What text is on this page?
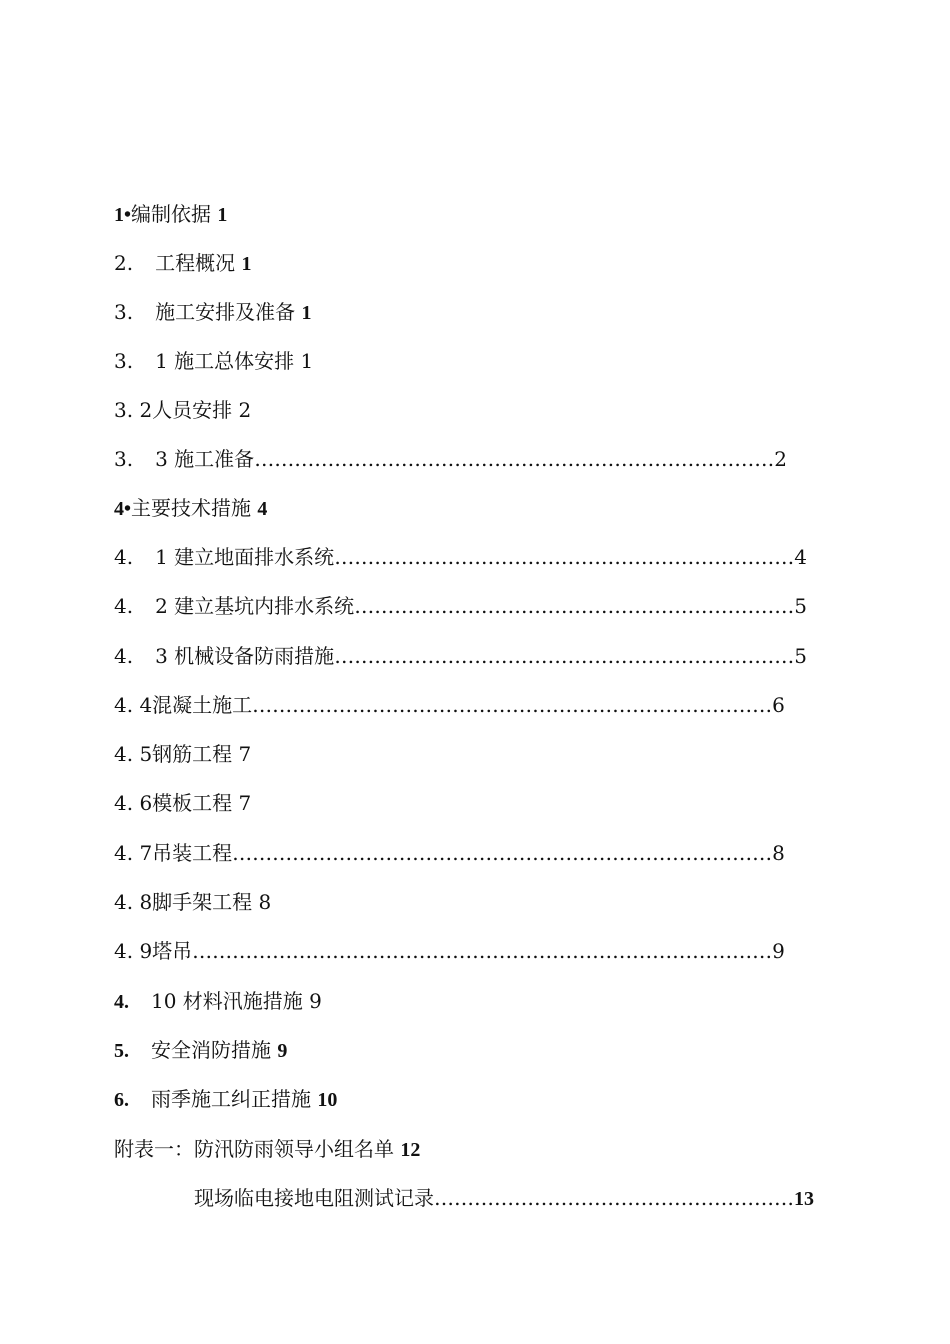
1•编制依据 1
2. 工程概况 1
3. 施工安排及准备 1
3. 1 施工总体安排 1
3. 2人员安排 2
3. 3 施工准备……………………………………………………………………2
4•主要技术措施 4
4. 1 建立地面排水系统……………………………………………………………4
4. 2 建立基坑内排水系统…………………………………………………………5
4. 3 机械设备防雨措施……………………………………………………………5
4. 4混凝土施工……………………………………………………………………6
4. 5钢筋工程 7
4. 6模板工程 7
4. 7吊装工程………………………………………………………………………8
4. 8脚手架工程 8
4. 9塔吊……………………………………………………………………………9
4. 10 材料汛施措施 9
5. 安全消防措施 9
6. 雨季施工纠正措施 10
附表一：防汛防雨领导小组名单 12
现场临电接地电阻测试记录………………………………………………13
